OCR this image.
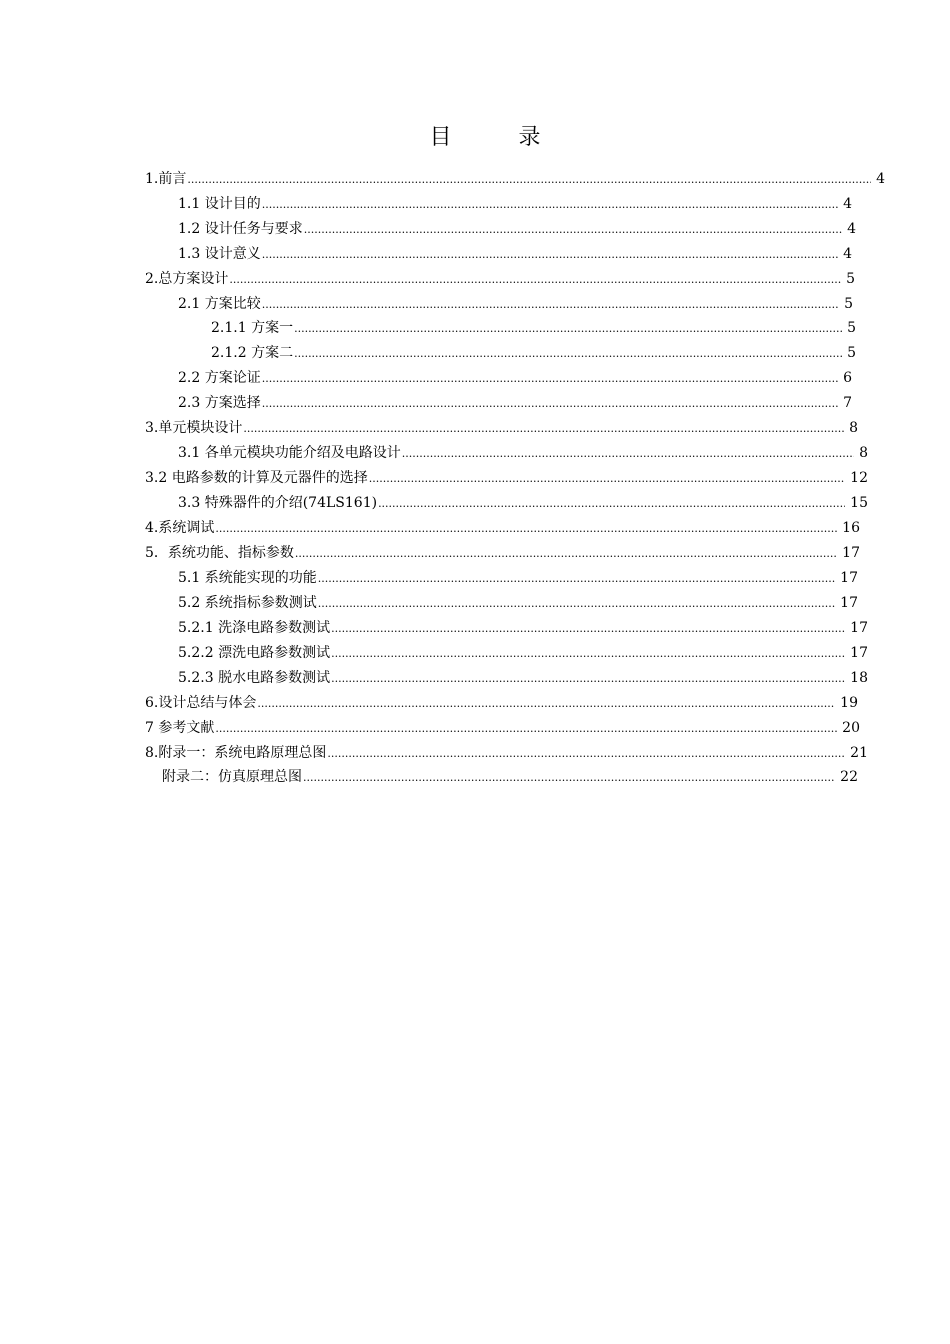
目 录
1.前言 .....	4
1.1 设计目的 .....	4
1.2 设计任务与要求 .....	4
1.3 设计意义 .....	4
2.总方案设计 .....	5
2.1 方案比较 .....	5
2.1.1 方案一 .....	5
2.1.2 方案二 .....	5
2.2 方案论证 .....	6
2.3 方案选择 .....	7
3.单元模块设计 .....	8
3.1 各单元模块功能介绍及电路设计 .....	8
3.2 电路参数的计算及元器件的选择 .....	12
3.3 特殊器件的介绍(74LS161) .....	15
4.系统调试 .....	16
5．系统功能、指标参数 .....	17
5.1 系统能实现的功能 .....	17
5.2 系统指标参数测试 .....	17
5.2.1 洗涤电路参数测试 .....	17
5.2.2 漂洗电路参数测试 .....	17
5.2.3 脱水电路参数测试 .....	18
6.设计总结与体会 .....	19
7 参考文献 .....	20
8.附录一：系统电路原理总图 .....	21
附录二：仿真原理总图 .....	22
